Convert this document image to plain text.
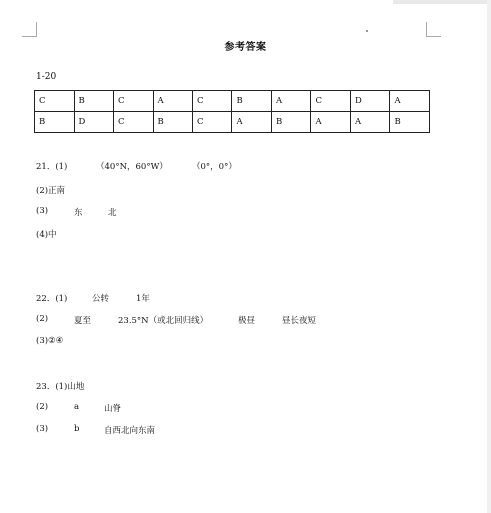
参考答案
1-20
C	B	C	A	C	B	A	C	D	A
B	D	C	B	C	A	B	A	A	B
21．(1)	（40°N，60°W）	（0°，0°）
(2)正南
(3)	东	北
(4)中
22．(1)	公转	1年
(2)	夏至	23.5°N（或北回归线）	极昼	昼长夜短
(3)②④
23．(1)山地
(2)	a	山脊
(3)	b	自西北向东南
